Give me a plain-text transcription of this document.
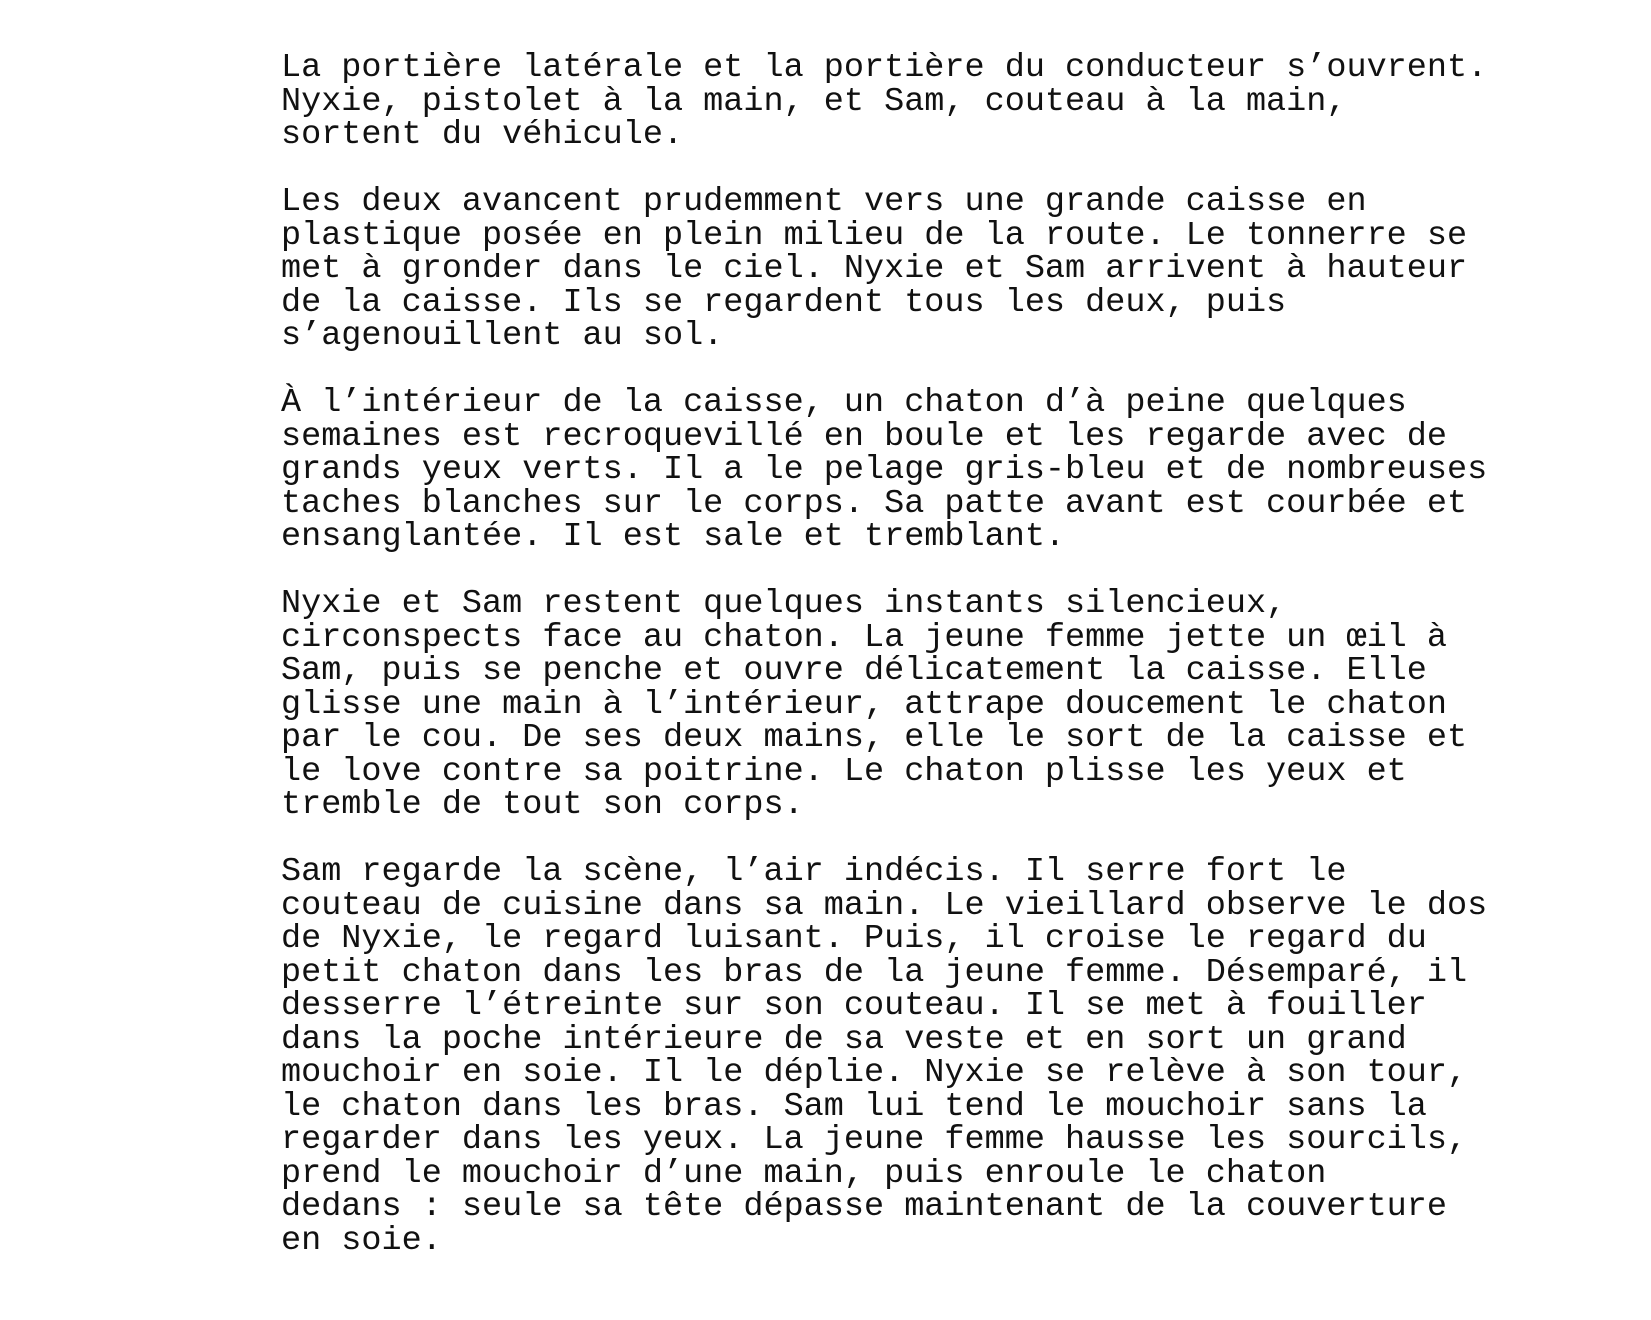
La portière latérale et la portière du conducteur s’ouvrent.
Nyxie, pistolet à la main, et Sam, couteau à la main,
sortent du véhicule.
Les deux avancent prudemment vers une grande caisse en
plastique posée en plein milieu de la route. Le tonnerre se
met à gronder dans le ciel. Nyxie et Sam arrivent à hauteur
de la caisse. Ils se regardent tous les deux, puis
s’agenouillent au sol.
À l’intérieur de la caisse, un chaton d’à peine quelques
semaines est recroquevillé en boule et les regarde avec de
grands yeux verts. Il a le pelage gris-bleu et de nombreuses
taches blanches sur le corps. Sa patte avant est courbée et
ensanglantée. Il est sale et tremblant.
Nyxie et Sam restent quelques instants silencieux,
circonspects face au chaton. La jeune femme jette un œil à
Sam, puis se penche et ouvre délicatement la caisse. Elle
glisse une main à l’intérieur, attrape doucement le chaton
par le cou. De ses deux mains, elle le sort de la caisse et
le love contre sa poitrine. Le chaton plisse les yeux et
tremble de tout son corps.
Sam regarde la scène, l’air indécis. Il serre fort le
couteau de cuisine dans sa main. Le vieillard observe le dos
de Nyxie, le regard luisant. Puis, il croise le regard du
petit chaton dans les bras de la jeune femme. Désemparé, il
desserre l’étreinte sur son couteau. Il se met à fouiller
dans la poche intérieure de sa veste et en sort un grand
mouchoir en soie. Il le déplie. Nyxie se relève à son tour,
le chaton dans les bras. Sam lui tend le mouchoir sans la
regarder dans les yeux. La jeune femme hausse les sourcils,
prend le mouchoir d’une main, puis enroule le chaton
dedans : seule sa tête dépasse maintenant de la couverture
en soie.
